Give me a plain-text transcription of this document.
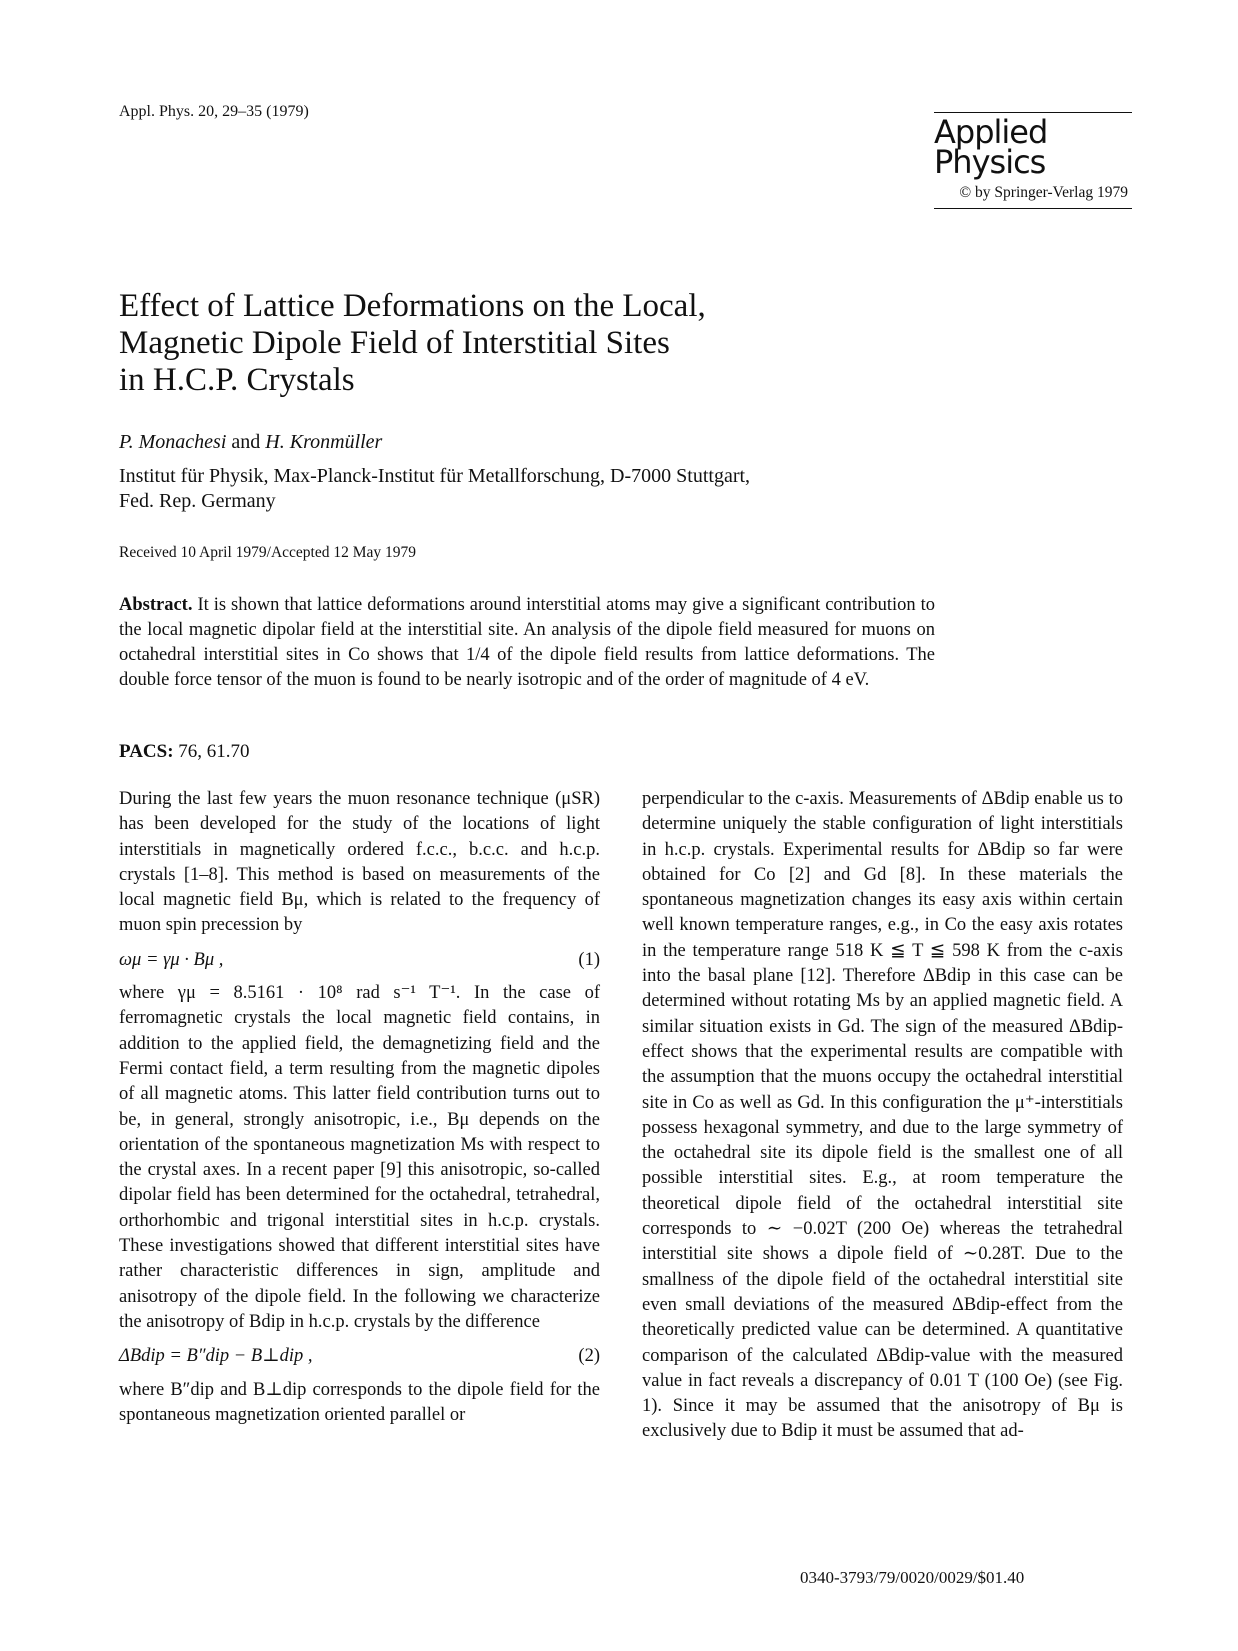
Appl. Phys. 20, 29–35 (1979)
Applied
Physics
© by Springer-Verlag 1979
Effect of Lattice Deformations on the Local,
Magnetic Dipole Field of Interstitial Sites
in H.C.P. Crystals
P. Monachesi and H. Kronmüller
Institut für Physik, Max-Planck-Institut für Metallforschung, D-7000 Stuttgart,
Fed. Rep. Germany
Received 10 April 1979/Accepted 12 May 1979
Abstract. It is shown that lattice deformations around interstitial atoms may give a significant contribution to the local magnetic dipolar field at the interstitial site. An analysis of the dipole field measured for muons on octahedral interstitial sites in Co shows that 1/4 of the dipole field results from lattice deformations. The double force tensor of the muon is found to be nearly isotropic and of the order of magnitude of 4 eV.
PACS: 76, 61.70

During the last few years the muon resonance technique (μSR) has been developed for the study of the locations of light interstitials in magnetically ordered f.c.c., b.c.c. and h.c.p. crystals [1–8]. This method is based on measurements of the local magnetic field Bμ, which is related to the frequency of muon spin precession by

ωμ = γμ · Bμ ,	(1)

where γμ = 8.5161 · 10⁸ rad s⁻¹ T⁻¹. In the case of ferromagnetic crystals the local magnetic field contains, in addition to the applied field, the demagnetizing field and the Fermi contact field, a term resulting from the magnetic dipoles of all magnetic atoms. This latter field contribution turns out to be, in general, strongly anisotropic, i.e., Bμ depends on the orientation of the spontaneous magnetization Ms with respect to the crystal axes. In a recent paper [9] this anisotropic, so-called dipolar field has been determined for the octahedral, tetrahedral, orthorhombic and trigonal interstitial sites in h.c.p. crystals. These investigations showed that different interstitial sites have rather characteristic differences in sign, amplitude and anisotropy of the dipole field. In the following we characterize the anisotropy of Bdip in h.c.p. crystals by the difference

ΔBdip = B″dip − B⊥dip ,	(2)

where B″dip and B⊥dip corresponds to the dipole field for the spontaneous magnetization oriented parallel or

perpendicular to the c-axis. Measurements of ΔBdip enable us to determine uniquely the stable configuration of light interstitials in h.c.p. crystals. Experimental results for ΔBdip so far were obtained for Co [2] and Gd [8]. In these materials the spontaneous magnetization changes its easy axis within certain well known temperature ranges, e.g., in Co the easy axis rotates in the temperature range 518 K ≦ T ≦ 598 K from the c-axis into the basal plane [12]. Therefore ΔBdip in this case can be determined without rotating Ms by an applied magnetic field. A similar situation exists in Gd. The sign of the measured ΔBdip-effect shows that the experimental results are compatible with the assumption that the muons occupy the octahedral interstitial site in Co as well as Gd. In this configuration the μ⁺-interstitials possess hexagonal symmetry, and due to the large symmetry of the octahedral site its dipole field is the smallest one of all possible interstitial sites. E.g., at room temperature the theoretical dipole field of the octahedral interstitial site corresponds to ∼ −0.02T (200 Oe) whereas the tetrahedral interstitial site shows a dipole field of ∼0.28T. Due to the smallness of the dipole field of the octahedral interstitial site even small deviations of the measured ΔBdip-effect from the theoretically predicted value can be determined. A quantitative comparison of the calculated ΔBdip-value with the measured value in fact reveals a discrepancy of 0.01 T (100 Oe) (see Fig. 1). Since it may be assumed that the anisotropy of Bμ is exclusively due to Bdip it must be assumed that ad-

0340-3793/79/0020/0029/$01.40
